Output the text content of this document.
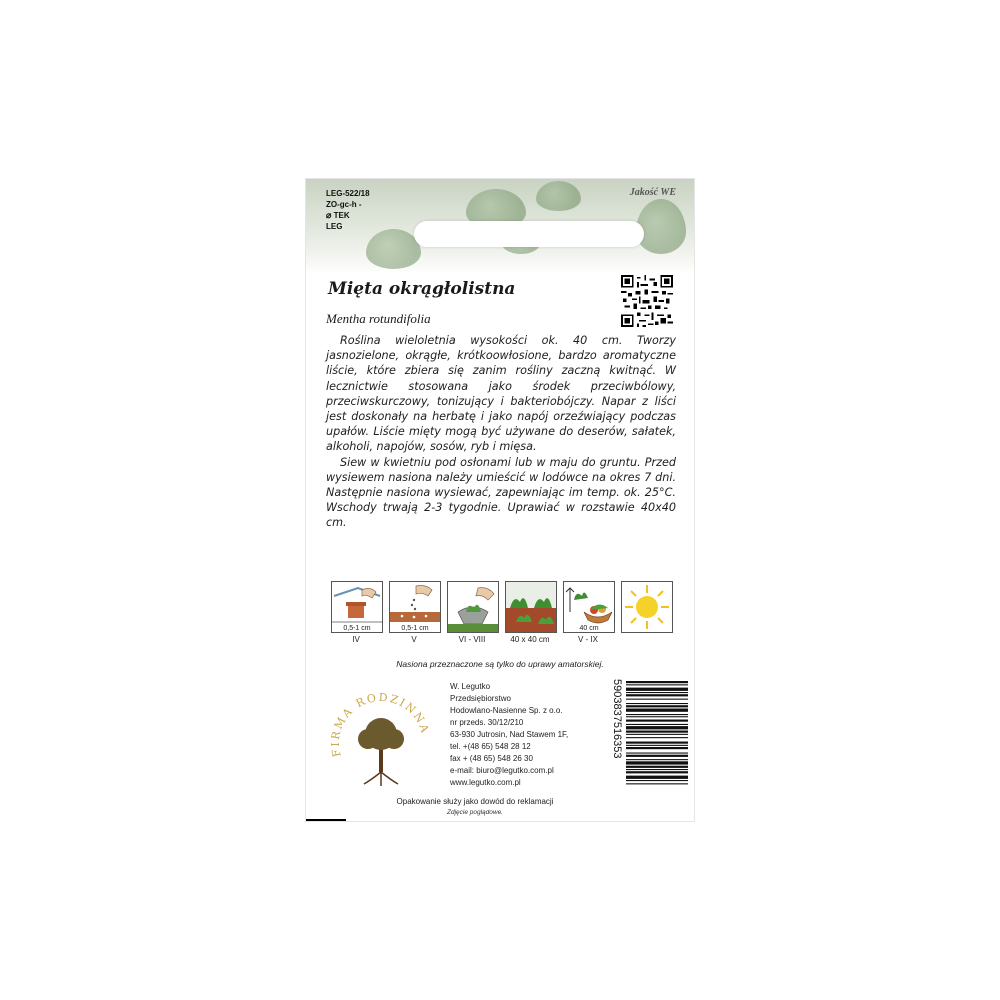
LEG-522/18
ZO-gc-h -
⌀ TEK
LEG
Jakość WE
Mięta okrągłolistna
Mentha rotundifolia

Roślina wieloletnia wysokości ok. 40 cm. Tworzy jasnozielone, okrągłe, krótkoowłosione, bardzo aromatyczne liście, które zbiera się zanim rośliny zaczną kwitnąć. W lecznictwie stosowana jako środek przeciwbólowy, przeciwskurczowy, tonizujący i bakteriobójczy. Napar z liści jest doskonały na herbatę i jako napój orzeźwiający podczas upałów. Liście mięty mogą być używane do deserów, sałatek, alkoholi, napojów, sosów, ryb i mięsa.

Siew w kwietniu pod osłonami lub w maju do gruntu. Przed wysiewem nasiona należy umieścić w lodówce na okres 7 dni. Następnie nasiona wysiewać, zapewniając im temp. ok. 25°C. Wschody trwają 2-3 tygodnie. Uprawiać w rozstawie 40x40 cm.

0,5-1 cm
IV
0,5-1 cm
V	VI - VIII	40 x 40 cm
40 cm
V - IX
Nasiona przeznaczone są tylko do uprawy amatorskiej.
FIRMA RODZINNA
W. Legutko
Przedsiębiorstwo
Hodowlano-Nasienne Sp. z o.o.
nr przeds. 30/12/210
63-930 Jutrosin, Nad Stawem 1F,
tel. +(48 65) 548 28 12
fax + (48 65) 548 26 30
e-mail: biuro@legutko.com.pl
www.legutko.com.pl
5903837516353
Opakowanie służy jako dowód do reklamacji
Zdjęcie poglądowe.
